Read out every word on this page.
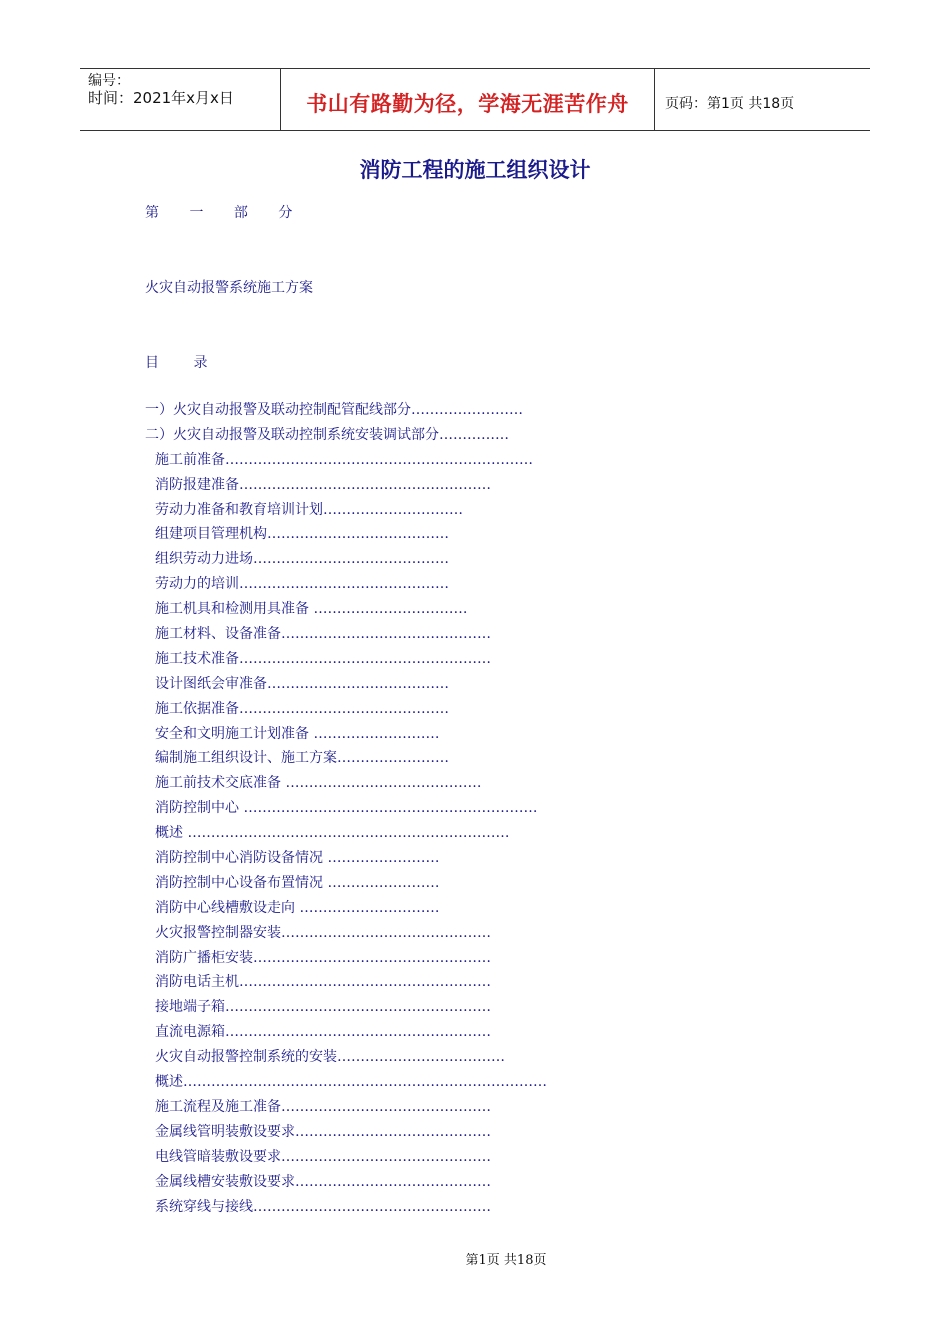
编号：
时间：2021年x月x日	书山有路勤为径，学海无涯苦作舟	页码：第1页 共18页
消防工程的施工组织设计
第 一 部 分
火灾自动报警系统施工方案
目 录
一）火灾自动报警及联动控制配管配线部分……………………
二）火灾自动报警及联动控制系统安装调试部分……………
施工前准备…………………………………………………………
消防报建准备………………………………………………
劳动力准备和教育培训计划…………………………
组建项目管理机构…………………………………
组织劳动力进场……………………………………
劳动力的培训………………………………………
施工机具和检测用具准备 ……………………………
施工材料、设备准备………………………………………
施工技术准备………………………………………………
设计图纸会审准备…………………………………
施工依据准备………………………………………
安全和文明施工计划准备 ………………………
编制施工组织设计、施工方案……………………
施工前技术交底准备 ……………………………………
消防控制中心 ………………………………………………………
概述 ……………………………………………………………
消防控制中心消防设备情况 ……………………
消防控制中心设备布置情况 ……………………
消防中心线槽敷设走向 …………………………
火灾报警控制器安装………………………………………
消防广播柜安装……………………………………………
消防电话主机………………………………………………
接地端子箱…………………………………………………
直流电源箱…………………………………………………
火灾自动报警控制系统的安装………………………………
概述……………………………………………………………………
施工流程及施工准备………………………………………
金属线管明装敷设要求……………………………………
电线管暗装敷设要求………………………………………
金属线槽安装敷设要求……………………………………
系统穿线与接线……………………………………………
第1页 共18页
